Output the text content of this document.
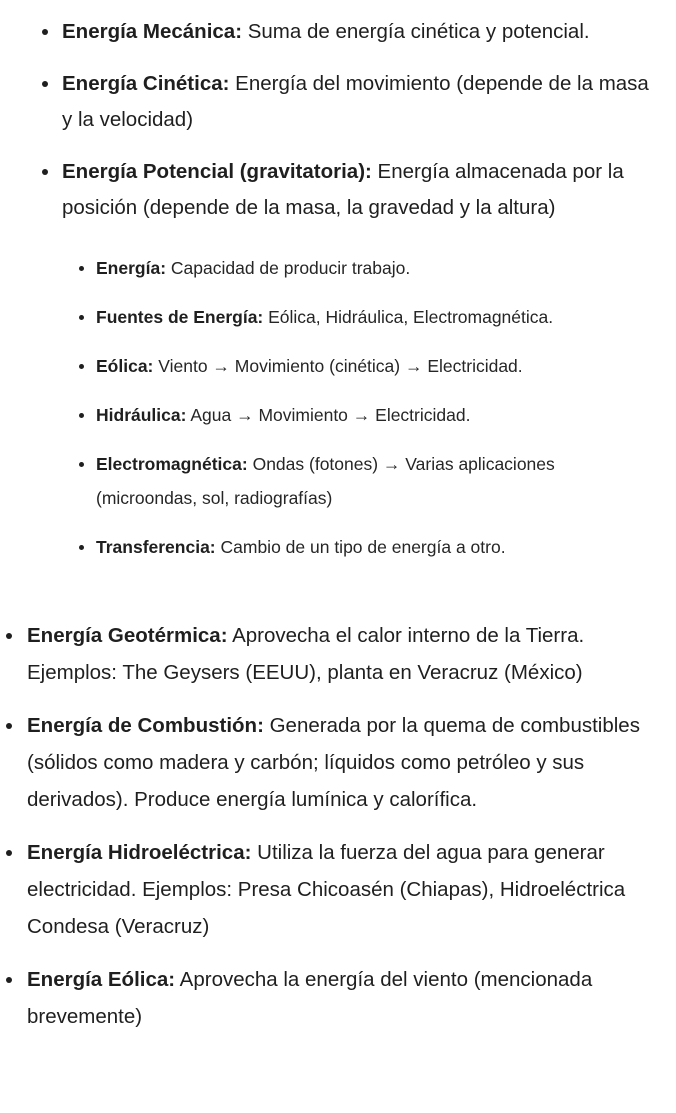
Energía Mecánica: Suma de energía cinética y potencial.
Energía Cinética: Energía del movimiento (depende de la masa y la velocidad)
Energía Potencial (gravitatoria): Energía almacenada por la posición (depende de la masa, la gravedad y la altura)
Energía: Capacidad de producir trabajo.
Fuentes de Energía: Eólica, Hidráulica, Electromagnética.
Eólica: Viento → Movimiento (cinética) → Electricidad.
Hidráulica: Agua → Movimiento → Electricidad.
Electromagnética: Ondas (fotones) → Varias aplicaciones (microondas, sol, radiografías)
Transferencia: Cambio de un tipo de energía a otro.
Energía Geotérmica: Aprovecha el calor interno de la Tierra. Ejemplos: The Geysers (EEUU), planta en Veracruz (México)
Energía de Combustión: Generada por la quema de combustibles (sólidos como madera y carbón; líquidos como petróleo y sus derivados). Produce energía lumínica y calorífica.
Energía Hidroeléctrica: Utiliza la fuerza del agua para generar electricidad. Ejemplos: Presa Chicoasén (Chiapas), Hidroeléctrica Condesa (Veracruz)
Energía Eólica: Aprovecha la energía del viento (mencionada brevemente)
